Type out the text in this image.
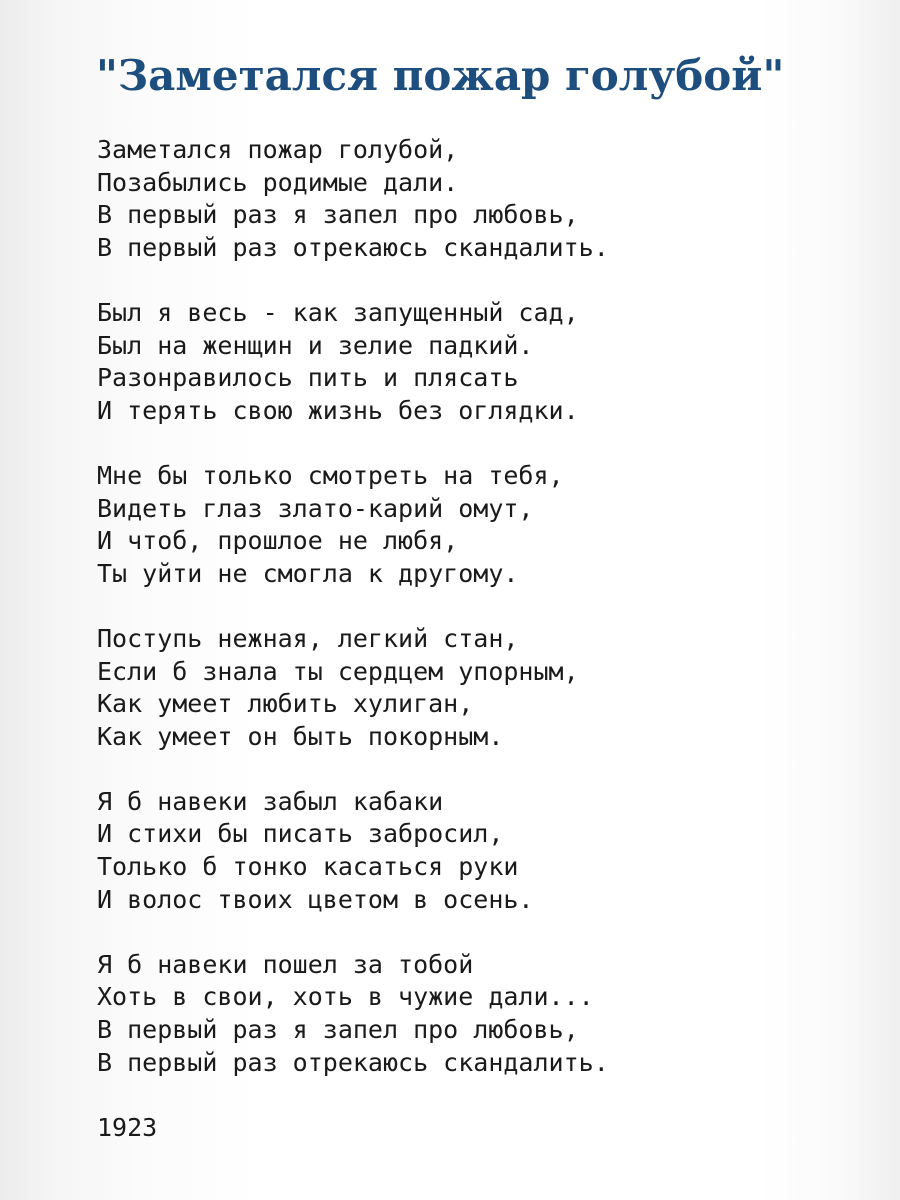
"Заметался пожар голубой"
Заметался пожар голубой,
Позабылись родимые дали.
В первый раз я запел про любовь,
В первый раз отрекаюсь скандалить.
Был я весь - как запущенный сад,
Был на женщин и зелие падкий.
Разонравилось пить и плясать
И терять свою жизнь без оглядки.
Мне бы только смотреть на тебя,
Видеть глаз злато-карий омут,
И чтоб, прошлое не любя,
Ты уйти не смогла к другому.
Поступь нежная, легкий стан,
Если б знала ты сердцем упорным,
Как умеет любить хулиган,
Как умеет он быть покорным.
Я б навеки забыл кабаки
И стихи бы писать забросил,
Только б тонко касаться руки
И волос твоих цветом в осень.
Я б навеки пошел за тобой
Хоть в свои, хоть в чужие дали...
В первый раз я запел про любовь,
В первый раз отрекаюсь скандалить.
1923
